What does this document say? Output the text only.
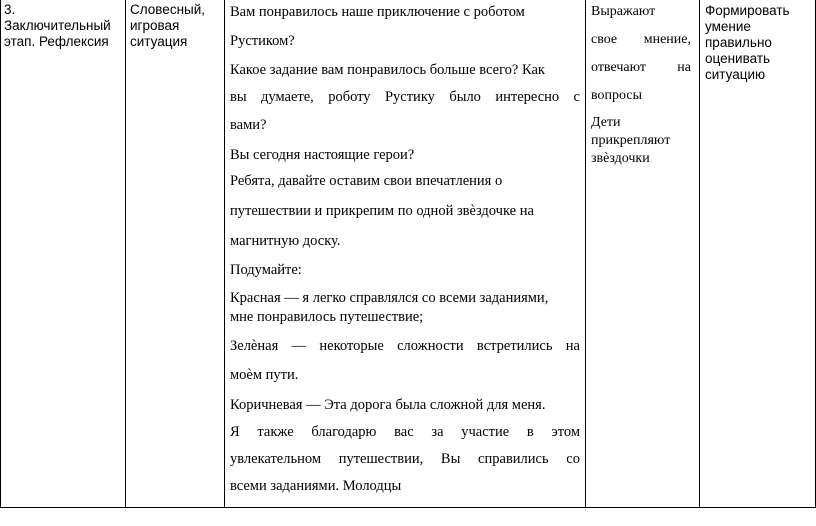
3.
Заключительный
этап. Рефлексия
Словесный,
игровая
ситуация
Вам понравилось наше приключение с роботом
Рустиком?
Какое задание вам понравилось больше всего? Как
вы думаете, роботу Рустику было интересно с
вами?
Вы сегодня настоящие герои?
Ребята, давайте оставим свои впечатления о
путешествии и прикрепим по одной звѐздочке на
магнитную доску.
Подумайте:
Красная — я легко справлялся со всеми заданиями,
мне понравилось путешествие;
Зелѐная — некоторые сложности встретились на
моѐм пути.
Коричневая — Эта дорога была сложной для меня.
Я также благодарю вас за участие в этом
увлекательном путешествии, Вы справились со
всеми заданиями. Молодцы
Выражают
свое мнение,
отвечают на
вопросы
Дети
прикрепляют
звѐздочки
Формировать
умение
правильно
оценивать
ситуацию
